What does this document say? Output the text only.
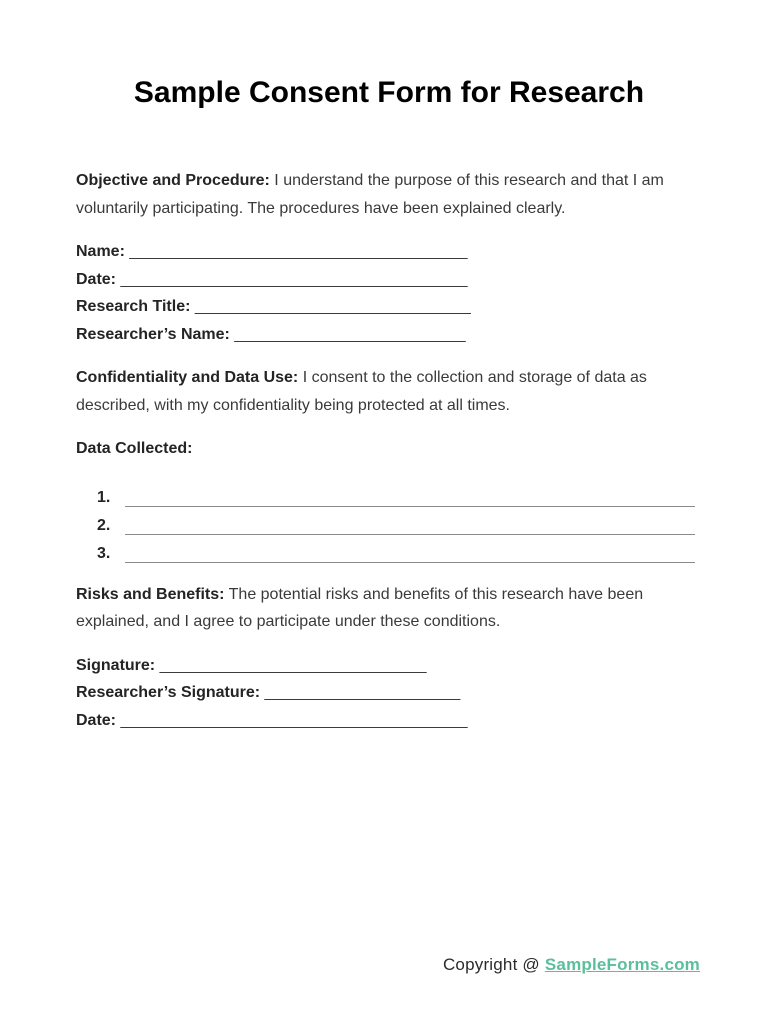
Sample Consent Form for Research

Objective and Procedure: I understand the purpose of this research and that I am voluntarily participating. The procedures have been explained clearly.

Name: ______________________________________

Date: _______________________________________

Research Title: _______________________________

Researcher’s Name: __________________________

Confidentiality and Data Use: I consent to the collection and storage of data as described, with my confidentiality being protected at all times.

Data Collected:

1.
2.
3.

Risks and Benefits: The potential risks and benefits of this research have been explained, and I agree to participate under these conditions.

Signature: ______________________________

Researcher’s Signature: ______________________

Date: _______________________________________

Copyright @ SampleForms.com
